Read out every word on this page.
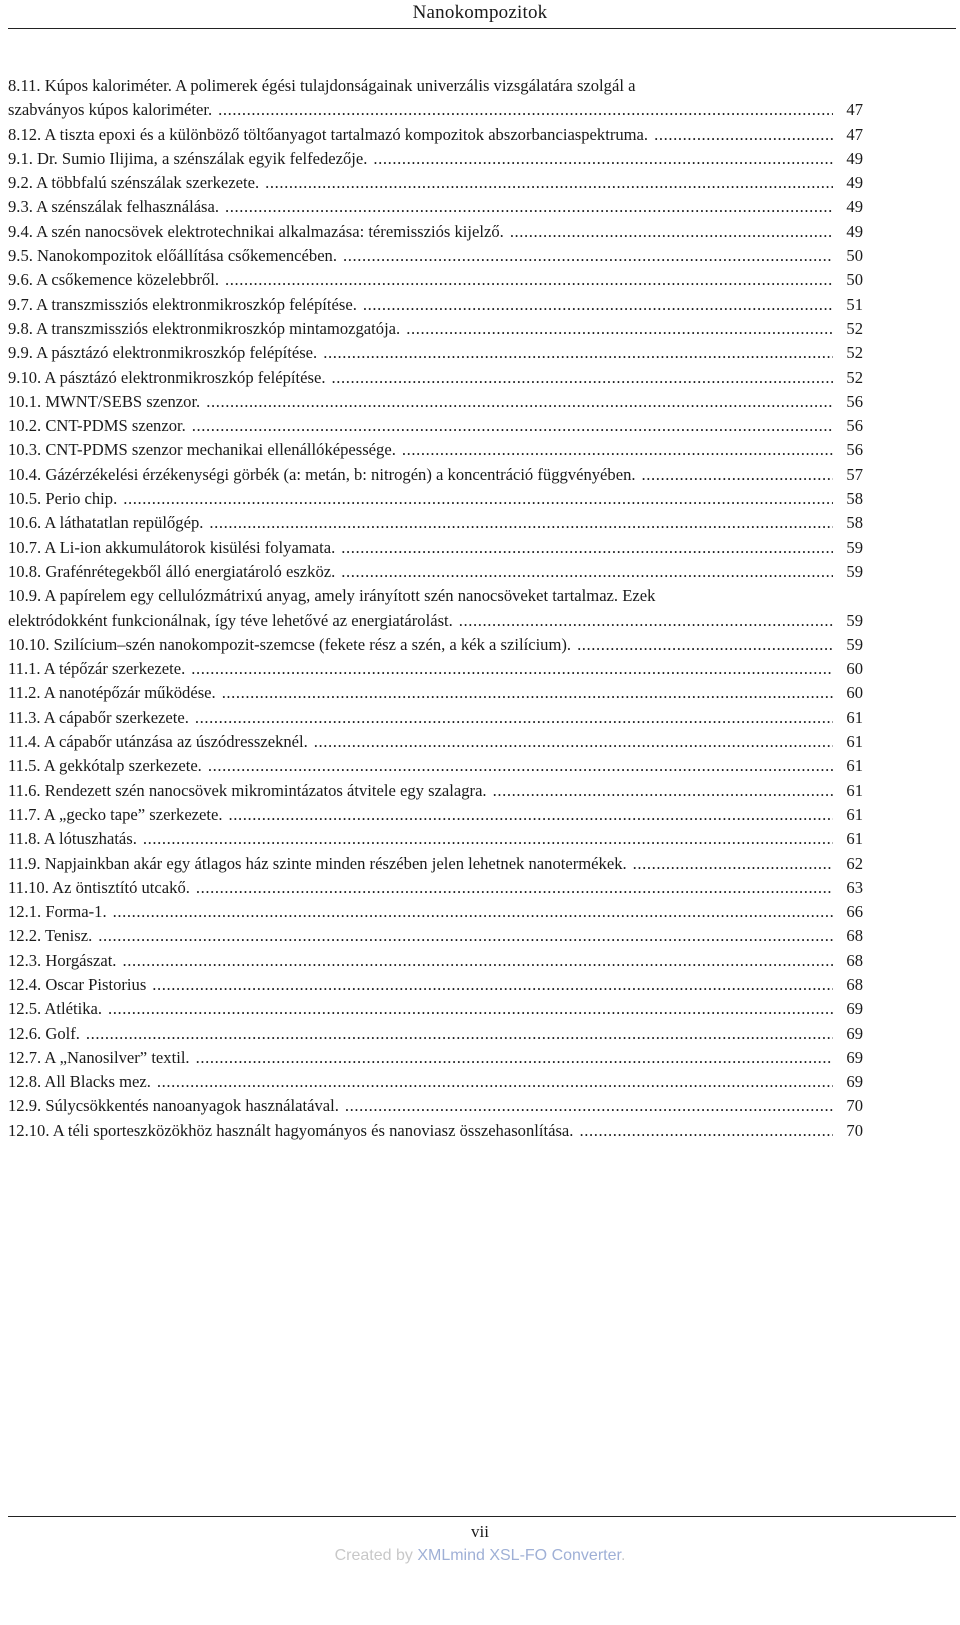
Nanokompozitok
8.11. Kúpos kaloriméter. A polimerek égési tulajdonságainak univerzális vizsgálatára szolgál a
szabványos kúpos kaloriméter. .....	47
8.12. A tiszta epoxi és a különböző töltőanyagot tartalmazó kompozitok abszorbanciaspektruma. .....	47
9.1. Dr. Sumio Ilijima, a szénszálak egyik felfedezője. .....	49
9.2. A többfalú szénszálak szerkezete. .....	49
9.3. A szénszálak felhasználása. .....	49
9.4. A szén nanocsövek elektrotechnikai alkalmazása: téremissziós kijelző. .....	49
9.5. Nanokompozitok előállítása csőkemencében. .....	50
9.6. A csőkemence közelebbről. .....	50
9.7. A transzmissziós elektronmikroszkóp felépítése. .....	51
9.8. A transzmissziós elektronmikroszkóp mintamozgatója. .....	52
9.9. A pásztázó elektronmikroszkóp felépítése. .....	52
9.10. A pásztázó elektronmikroszkóp felépítése. .....	52
10.1. MWNT/SEBS szenzor. .....	56
10.2. CNT-PDMS szenzor. .....	56
10.3. CNT-PDMS szenzor mechanikai ellenállóképessége. .....	56
10.4. Gázérzékelési érzékenységi görbék (a: metán, b: nitrogén) a koncentráció függvényében. .....	57
10.5. Perio chip. .....	58
10.6. A láthatatlan repülőgép. .....	58
10.7. A Li-ion akkumulátorok kisülési folyamata. .....	59
10.8. Grafénrétegekből álló energiatároló eszköz. .....	59
10.9. A papírelem egy cellulózmátrixú anyag, amely irányított szén nanocsöveket tartalmaz. Ezek
elektródokként funkcionálnak, így téve lehetővé az energiatárolást. .....	59
10.10. Szilícium–szén nanokompozit-szemcse (fekete rész a szén, a kék a szilícium). .....	59
11.1. A tépőzár szerkezete. .....	60
11.2. A nanotépőzár működése. .....	60
11.3. A cápabőr szerkezete. .....	61
11.4. A cápabőr utánzása az úszódresszeknél. .....	61
11.5. A gekkótalp szerkezete. .....	61
11.6. Rendezett szén nanocsövek mikromintázatos átvitele egy szalagra. .....	61
11.7. A „gecko tape” szerkezete. .....	61
11.8. A lótuszhatás. .....	61
11.9. Napjainkban akár egy átlagos ház szinte minden részében jelen lehetnek nanotermékek. .....	62
11.10. Az öntisztító utcakő. .....	63
12.1. Forma-1. .....	66
12.2. Tenisz. .....	68
12.3. Horgászat. .....	68
12.4. Oscar Pistorius .....	68
12.5. Atlétika. .....	69
12.6. Golf. .....	69
12.7. A „Nanosilver” textil. .....	69
12.8. All Blacks mez. .....	69
12.9. Súlycsökkentés nanoanyagok használatával. .....	70
12.10. A téli sporteszközökhöz használt hagyományos és nanoviasz összehasonlítása. .....	70
vii
Created by XMLmind XSL-FO Converter.
